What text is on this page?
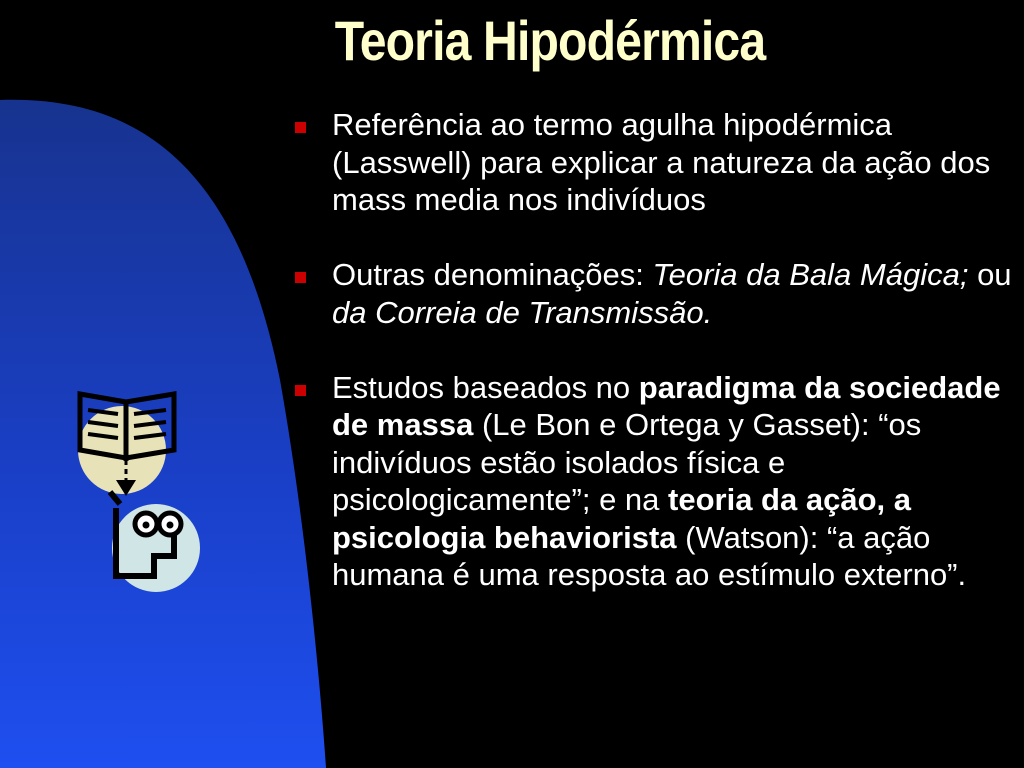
Teoria Hipodérmica
Referência ao termo agulha hipodérmica (Lasswell) para explicar a natureza da ação dos mass media nos indivíduos
Outras denominações: Teoria da Bala Mágica; ou da Correia de Transmissão.
Estudos baseados no paradigma da sociedade de massa (Le Bon e Ortega y Gasset): “os indivíduos estão isolados física e psicologicamente”; e na teoria da ação, a psicologia behaviorista (Watson): “a ação humana é uma resposta ao estímulo externo”.
